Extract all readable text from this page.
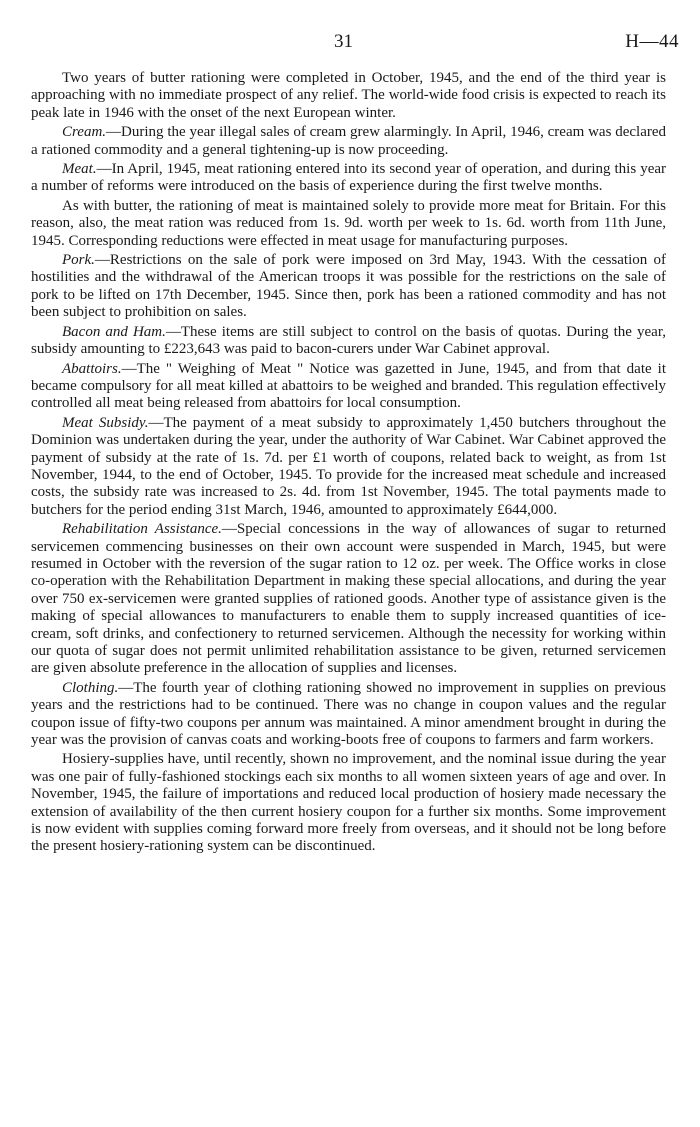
31	H—44

Two years of butter rationing were completed in October, 1945, and the end of the third year is approaching with no immediate prospect of any relief. The world-wide food crisis is expected to reach its peak late in 1946 with the onset of the next European winter.

Cream.—During the year illegal sales of cream grew alarmingly. In April, 1946, cream was declared a rationed commodity and a general tightening-up is now proceeding.

Meat.—In April, 1945, meat rationing entered into its second year of operation, and during this year a number of reforms were introduced on the basis of experience during the first twelve months.

As with butter, the rationing of meat is maintained solely to provide more meat for Britain. For this reason, also, the meat ration was reduced from 1s. 9d. worth per week to 1s. 6d. worth from 11th June, 1945. Corresponding reductions were effected in meat usage for manufacturing purposes.

Pork.—Restrictions on the sale of pork were imposed on 3rd May, 1943. With the cessation of hostilities and the withdrawal of the American troops it was possible for the restrictions on the sale of pork to be lifted on 17th December, 1945. Since then, pork has been a rationed commodity and has not been subject to prohibition on sales.

Bacon and Ham.—These items are still subject to control on the basis of quotas. During the year, subsidy amounting to £223,643 was paid to bacon-curers under War Cabinet approval.

Abattoirs.—The " Weighing of Meat " Notice was gazetted in June, 1945, and from that date it became compulsory for all meat killed at abattoirs to be weighed and branded. This regulation effectively controlled all meat being released from abattoirs for local consumption.

Meat Subsidy.—The payment of a meat subsidy to approximately 1,450 butchers throughout the Dominion was undertaken during the year, under the authority of War Cabinet. War Cabinet approved the payment of subsidy at the rate of 1s. 7d. per £1 worth of coupons, related back to weight, as from 1st November, 1944, to the end of October, 1945. To provide for the increased meat schedule and increased costs, the subsidy rate was increased to 2s. 4d. from 1st November, 1945. The total payments made to butchers for the period ending 31st March, 1946, amounted to approximately £644,000.

Rehabilitation Assistance.—Special concessions in the way of allowances of sugar to returned servicemen commencing businesses on their own account were suspended in March, 1945, but were resumed in October with the reversion of the sugar ration to 12 oz. per week. The Office works in close co-operation with the Rehabilitation Department in making these special allocations, and during the year over 750 ex-servicemen were granted supplies of rationed goods. Another type of assistance given is the making of special allowances to manufacturers to enable them to supply increased quantities of ice-cream, soft drinks, and confectionery to returned servicemen. Although the necessity for working within our quota of sugar does not permit unlimited rehabilitation assistance to be given, returned servicemen are given absolute preference in the allocation of supplies and licenses.

Clothing.—The fourth year of clothing rationing showed no improvement in supplies on previous years and the restrictions had to be continued. There was no change in coupon values and the regular coupon issue of fifty-two coupons per annum was maintained. A minor amendment brought in during the year was the provision of canvas coats and working-boots free of coupons to farmers and farm workers.

Hosiery-supplies have, until recently, shown no improvement, and the nominal issue during the year was one pair of fully-fashioned stockings each six months to all women sixteen years of age and over. In November, 1945, the failure of importations and reduced local production of hosiery made necessary the extension of availability of the then current hosiery coupon for a further six months. Some improvement is now evident with supplies coming forward more freely from overseas, and it should not be long before the present hosiery-rationing system can be discontinued.
